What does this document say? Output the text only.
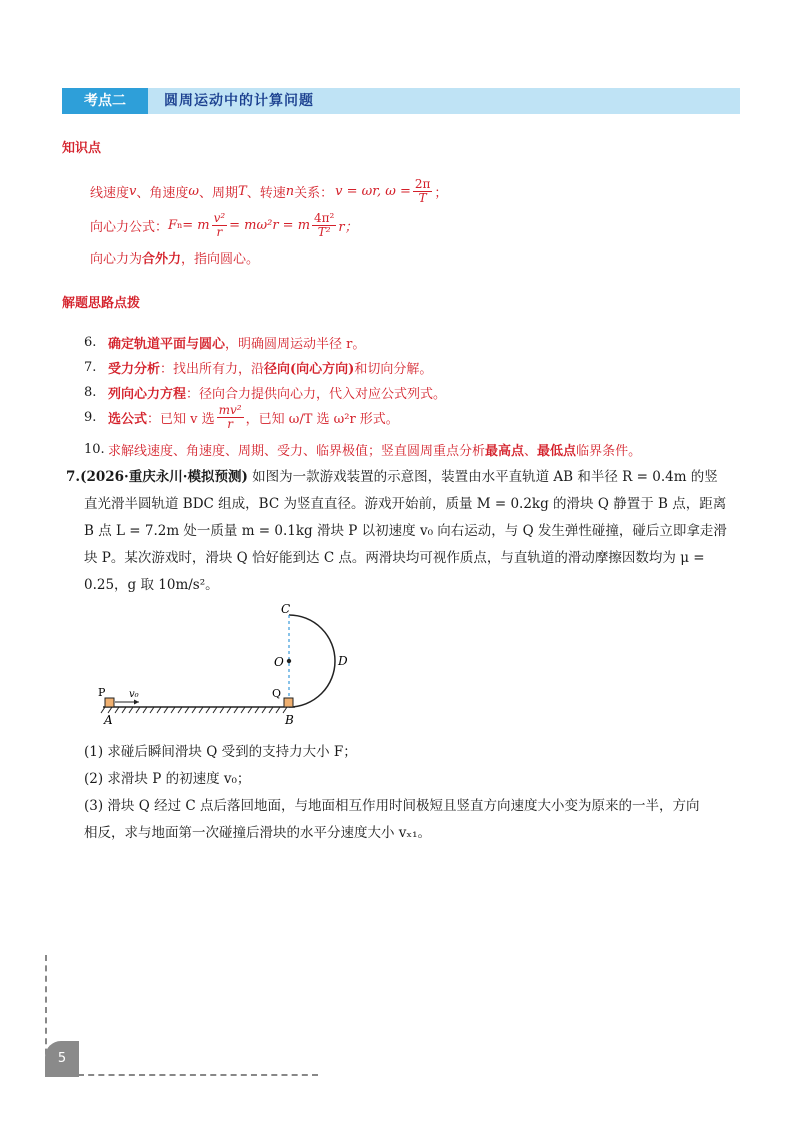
考点二	圆周运动中的计算问题
知识点
线速度 v 、角速度 ω 、周期 T 、转速 n 关系： v = ωr, $\omega = \frac{2\pi}{T}$ ；
向心力公式： F n = m $\frac{\text{v²}}{r} = m\omega^2r = m \frac{\text{4π²}}{\text{T²}}$ r；
向心力为 合外力 ，指向圆心。
解题思路点拨
6. 确定轨道平面与圆心 ，明确圆周运动半径 r。
7. 受力分析 ：找出所有力，沿 径向(向心方向) 和切向分解。
8. 列向心力方程 ：径向合力提供向心力，代入对应公式列式。
9. 选公式 ：已知 v 选 $\frac{\text{mv²}}{r}$ ，已知 ω/T 选 ω²r 形式。
10. 求解线速度、角速度、周期、受力、临界极值；竖直圆周重点分析 最高点 、 最低点 临界条件。
7.(2026·重庆永川·模拟预测) 如图为一款游戏装置的示意图，装置由水平直轨道 AB 和半径 R = 0.4m 的竖
直光滑半圆轨道 BDC 组成，BC 为竖直直径。游戏开始前，质量 M = 0.2kg 的滑块 Q 静置于 B 点，距离
B 点 L = 7.2m 处一质量 m = 0.1kg 滑块 P 以初速度 v₀ 向右运动，与 Q 发生弹性碰撞，碰后立即拿走滑
块 P。某次游戏时，滑块 Q 恰好能到达 C 点。两滑块均可视作质点，与直轨道的滑动摩擦因数均为 μ =
0.25，g 取 10m/s²。
C
O	D
P v₀	Q
A	B
(1) 求碰后瞬间滑块 Q 受到的支持力大小 F；
(2) 求滑块 P 的初速度 v₀；
(3) 滑块 Q 经过 C 点后落回地面，与地面相互作用时间极短且竖直方向速度大小变为原来的一半，方向
相反，求与地面第一次碰撞后滑块的水平分速度大小 vₓ₁。
5
